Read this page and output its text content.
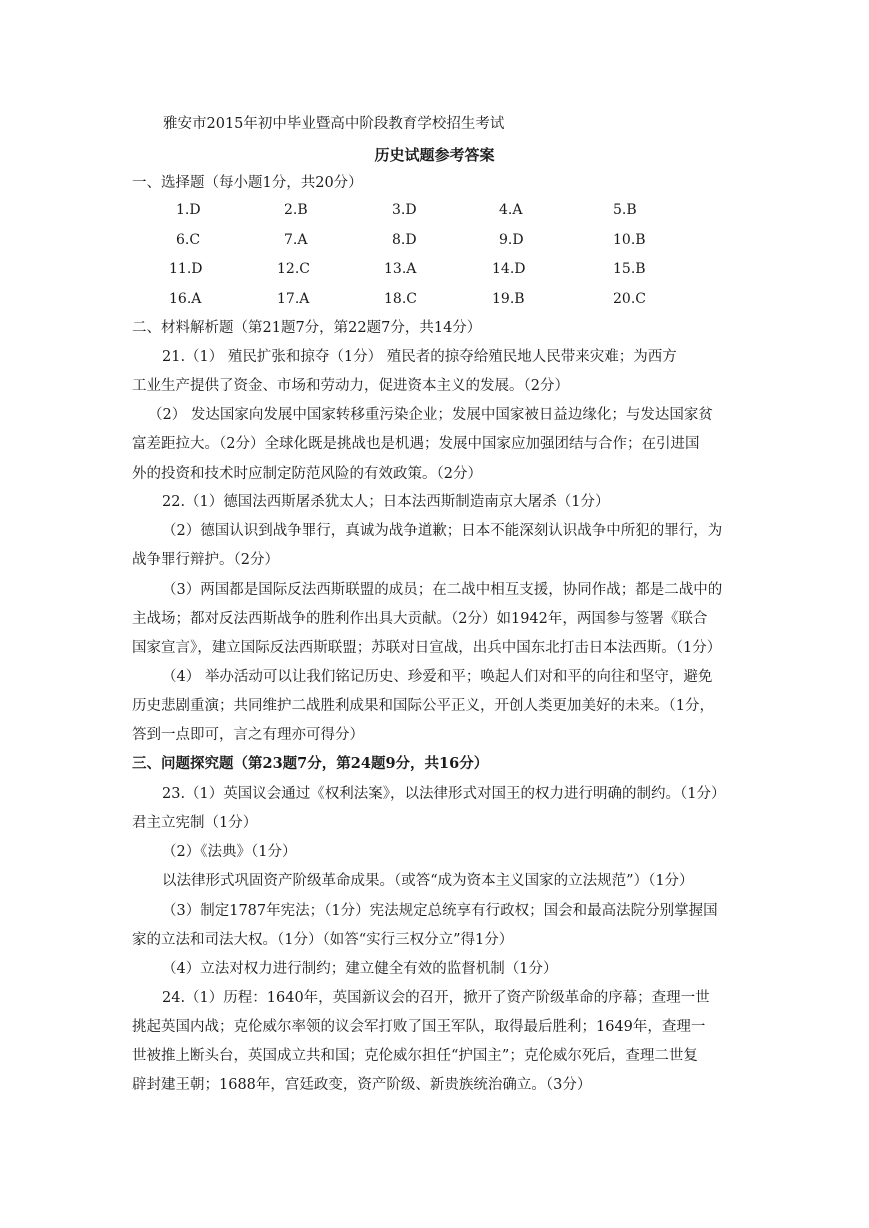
雅安市2015年初中毕业暨高中阶段教育学校招生考试
历史试题参考答案
一、选择题（每小题1分，共20分）
1.D	2.B	3.D	4.A	5.B
6.C	7.A	8.D	9.D	10.B
11.D	12.C	13.A	14.D	15.B
16.A	17.A	18.C	19.B	20.C
二、材料解析题（第21题7分，第22题7分，共14分）
21.（1） 殖民扩张和掠夺（1分） 殖民者的掠夺给殖民地人民带来灾难；为西方
工业生产提供了资金、市场和劳动力，促进资本主义的发展。（2分）
（2） 发达国家向发展中国家转移重污染企业；发展中国家被日益边缘化；与发达国家贫
富差距拉大。（2分）全球化既是挑战也是机遇；发展中国家应加强团结与合作；在引进国
外的投资和技术时应制定防范风险的有效政策。（2分）
22.（1）德国法西斯屠杀犹太人；日本法西斯制造南京大屠杀（1分）
（2）德国认识到战争罪行，真诚为战争道歉；日本不能深刻认识战争中所犯的罪行，为
战争罪行辩护。（2分）
（3）两国都是国际反法西斯联盟的成员；在二战中相互支援，协同作战；都是二战中的
主战场；都对反法西斯战争的胜利作出具大贡献。（2分）如1942年，两国参与签署《联合
国家宣言》，建立国际反法西斯联盟；苏联对日宣战，出兵中国东北打击日本法西斯。（1分）
（4） 举办活动可以让我们铭记历史、珍爱和平；唤起人们对和平的向往和坚守，避免
历史悲剧重演；共同维护二战胜利成果和国际公平正义，开创人类更加美好的未来。（1分，
答到一点即可，言之有理亦可得分）
三、问题探究题（第23题7分，第24题9分，共16分）
23.（1）英国议会通过《权利法案》，以法律形式对国王的权力进行明确的制约。（1分）
君主立宪制（1分）
（2）《法典》（1分）
以法律形式巩固资产阶级革命成果。（或答“成为资本主义国家的立法规范”）（1分）
（3）制定1787年宪法；（1分）宪法规定总统享有行政权；国会和最高法院分别掌握国
家的立法和司法大权。（1分）（如答“实行三权分立”得1分）
（4）立法对权力进行制约；建立健全有效的监督机制（1分）
24.（1）历程：1640年，英国新议会的召开，掀开了资产阶级革命的序幕；查理一世
挑起英国内战；克伦威尔率领的议会军打败了国王军队，取得最后胜利；1649年，查理一
世被推上断头台，英国成立共和国；克伦威尔担任“护国主”；克伦威尔死后，查理二世复
辟封建王朝；1688年，宫廷政变，资产阶级、新贵族统治确立。（3分）
